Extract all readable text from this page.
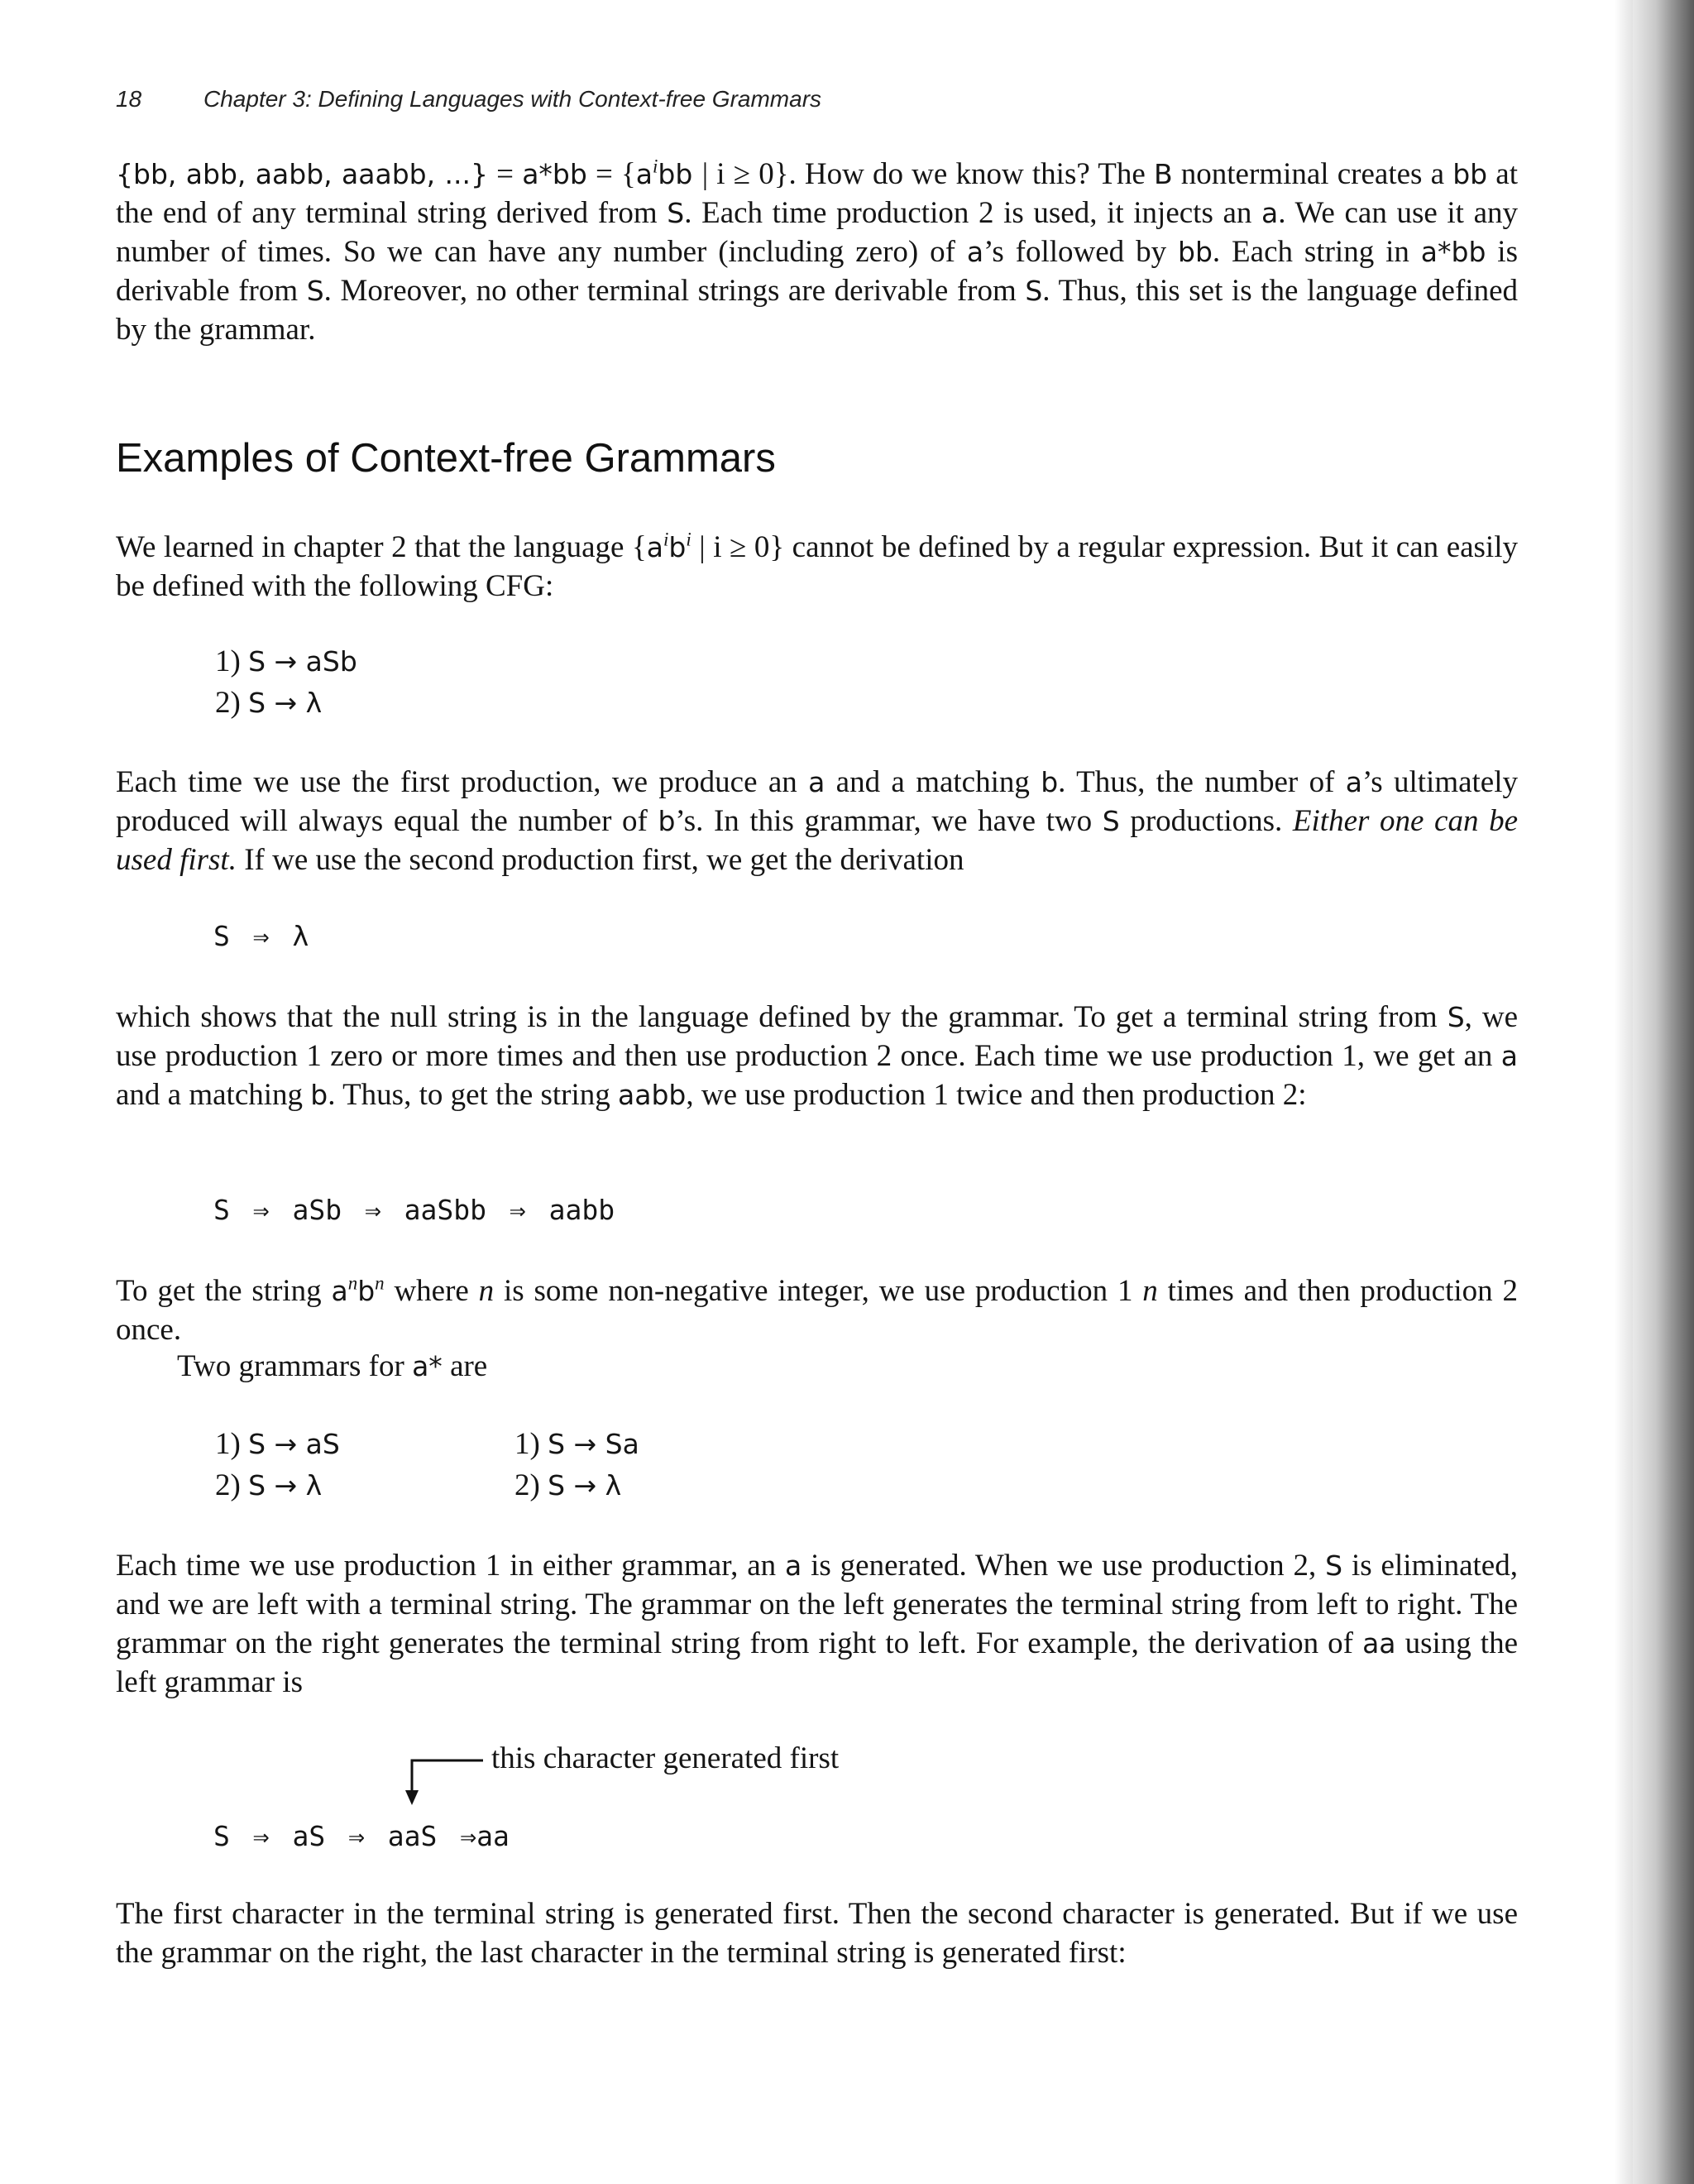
18	Chapter 3: Defining Languages with Context-free Grammars

{bb, abb, aabb, aaabb, ...} = $a*bb = \{a^ibb$ | i ≥ 0}. How do we know this? The B nonterminal creates a bb at the end of any terminal string derived from S. Each time production 2 is used, it injects an a. We can use it any number of times. So we can have any number (including zero) of a’s followed by bb. Each string in a*bb is derivable from S. Moreover, no other terminal strings are derivable from S. Thus, this set is the language defined by the grammar.

Examples of Context-free Grammars

We learned in chapter 2 that the language {$a^ib^i$ | i ≥ 0} cannot be defined by a regular expression. But it can easily be defined with the following CFG:

1) S → aSb
2) S → λ

Each time we use the first production, we produce an a and a matching b. Thus, the number of a’s ultimately produced will always equal the number of b’s. In this grammar, we have two S productions. Either one can be used first. If we use the second production first, we get the derivation

S ⇒ λ

which shows that the null string is in the language defined by the grammar. To get a terminal string from S, we use production 1 zero or more times and then use production 2 once. Each time we use production 1, we get an a and a matching b. Thus, to get the string aabb, we use production 1 twice and then production 2:

S ⇒ aSb ⇒ aaSbb ⇒ aabb

To get the string $a^nb^n$ where n is some non-negative integer, we use production 1 n times and then production 2 once.

Two grammars for a* are
1) S → aS
2) S → λ
1) S → Sa
2) S → λ

Each time we use production 1 in either grammar, an a is generated. When we use production 2, S is eliminated, and we are left with a terminal string. The grammar on the left generates the terminal string from left to right. The grammar on the right generates the terminal string from right to left. For example, the derivation of aa using the left grammar is

this character generated first
S ⇒ aS ⇒ aaS ⇒aa

The first character in the terminal string is generated first. Then the second character is generated. But if we use the grammar on the right, the last character in the terminal string is generated first:
